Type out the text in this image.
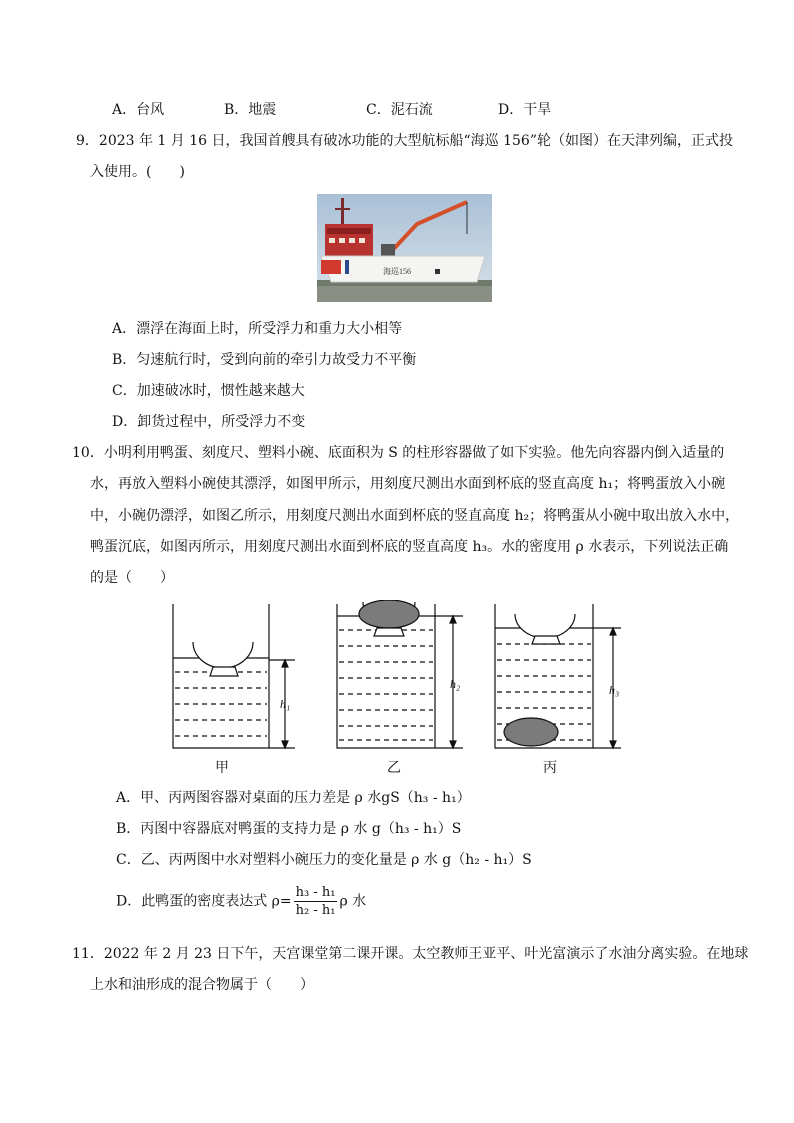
A．台风	B．地震	C．泥石流	D．干旱
9．2023 年 1 月 16 日，我国首艘具有破冰功能的大型航标船“海巡 156”轮（如图）在天津列编，正式投
入使用。(　　)
海巡156
A．漂浮在海面上时，所受浮力和重力大小相等
B．匀速航行时，受到向前的牵引力故受力不平衡
C．加速破冰时，惯性越来越大
D．卸货过程中，所受浮力不变
10．小明利用鸭蛋、刻度尺、塑料小碗、底面积为 S 的柱形容器做了如下实验。他先向容器内倒入适量的
水，再放入塑料小碗使其漂浮，如图甲所示，用刻度尺测出水面到杯底的竖直高度 h₁；将鸭蛋放入小碗
中，小碗仍漂浮，如图乙所示，用刻度尺测出水面到杯底的竖直高度 h₂；将鸭蛋从小碗中取出放入水中，
鸭蛋沉底，如图丙所示，用刻度尺测出水面到杯底的竖直高度 h₃。水的密度用 ρ 水表示，下列说法正确
的是（　　）
h₁
h₂	h₃
甲	乙	丙
A．甲、丙两图容器对桌面的压力差是 ρ 水gS（h₃ - h₁）
B．丙图中容器底对鸭蛋的支持力是 ρ 水 g（h₃ - h₁）S
C．乙、丙两图中水对塑料小碗压力的变化量是 ρ 水 g（h₂ - h₁）S
D．此鸭蛋的密度表达式 $\rho= \frac{\text{h₃ - h₁}}{\text{h₂ - h₁}}$ ρ 水
11．2022 年 2 月 23 日下午，天宫课堂第二课开课。太空教师王亚平、叶光富演示了水油分离实验。在地球
上水和油形成的混合物属于（　　）
